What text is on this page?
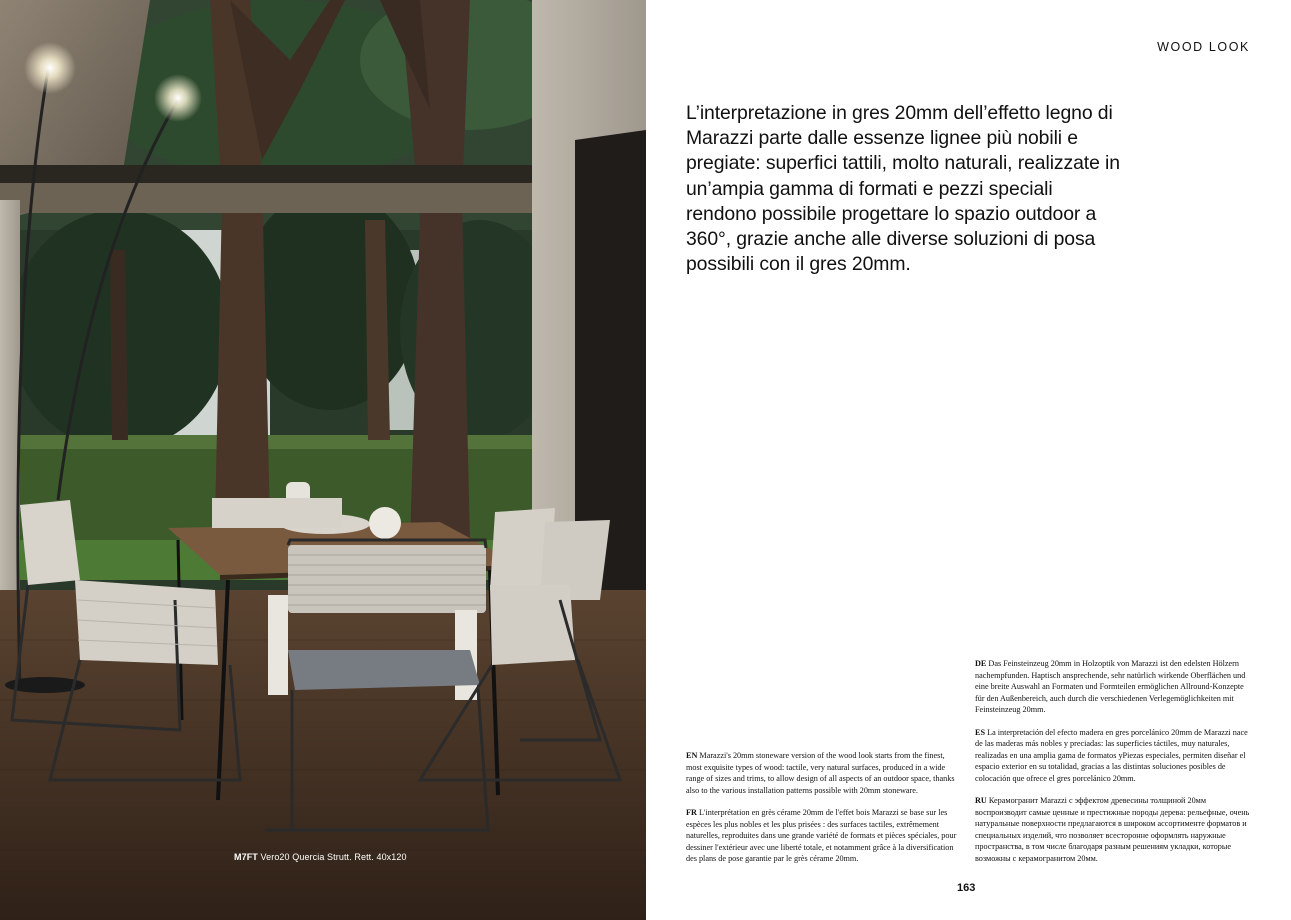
M7FT Vero20 Quercia Strutt. Rett. 40x120
WOOD LOOK

L’interpretazione in gres 20mm dell’effetto legno di Marazzi parte dalle essenze lignee più nobili e pregiate: superfici tattili, molto naturali, realizzate in un’ampia gamma di formati e pezzi speciali rendono possibile progettare lo spazio outdoor a 360°, grazie anche alle diverse soluzioni di posa possibili con il gres 20mm.

EN Marazzi's 20mm stoneware version of the wood look starts from the finest, most exquisite types of wood: tactile, very natural surfaces, produced in a wide range of sizes and trims, to allow design of all aspects of an outdoor space, thanks also to the various installation patterns possible with 20mm stoneware.

FR L'interprétation en grès cérame 20mm de l'effet bois Marazzi se base sur les espèces les plus nobles et les plus prisées : des surfaces tactiles, extrêmement naturelles, reproduites dans une grande variété de formats et pièces spéciales, pour dessiner l'extérieur avec une liberté totale, et notamment grâce à la diversification des plans de pose garantie par le grès cérame 20mm.

DE Das Feinsteinzeug 20mm in Holzoptik von Marazzi ist den edelsten Hölzern nachempfunden. Haptisch ansprechende, sehr natürlich wirkende Oberflächen und eine breite Auswahl an Formaten und Formteilen ermöglichen Allround-Konzepte für den Außenbereich, auch durch die verschiedenen Verlegemöglichkeiten mit Feinsteinzeug 20mm.

ES La interpretación del efecto madera en gres porcelánico 20mm de Marazzi nace de las maderas más nobles y preciadas: las superficies táctiles, muy naturales, realizadas en una amplia gama de formatos yPiezas especiales, permiten diseñar el espacio exterior en su totalidad, gracias a las distintas soluciones posibles de colocación que ofrece el gres porcelánico 20mm.

RU Керамогранит Marazzi с эффектом древесины толщиной 20мм воспроизводит самые ценные и престижные породы дерева: рельефные, очень натуральные поверхности предлагаются в широком ассортименте форматов и специальных изделий, что позволяет всесторонне оформлять наружные пространства, в том числе благодаря разным решениям укладки, которые возможны с керамогранитом 20мм.

163
